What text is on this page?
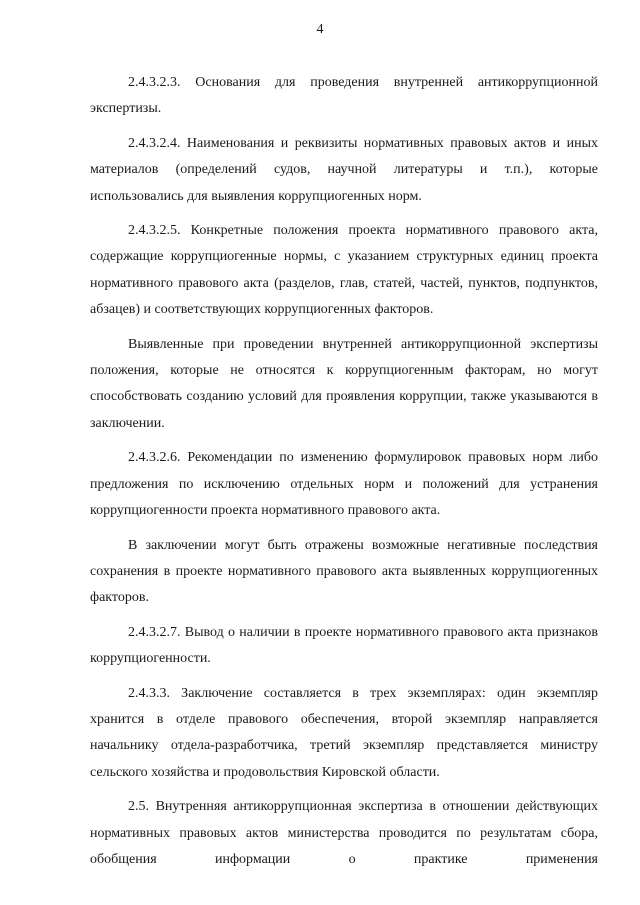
4

2.4.3.2.3. Основания для проведения внутренней антикоррупционной экспертизы.

2.4.3.2.4. Наименования и реквизиты нормативных правовых актов и иных материалов (определений судов, научной литературы и т.п.), которые использовались для выявления коррупциогенных норм.

2.4.3.2.5. Конкретные положения проекта нормативного правового акта, содержащие коррупциогенные нормы, с указанием структурных единиц проекта нормативного правового акта (разделов, глав, статей, частей, пунктов, подпунктов, абзацев) и соответствующих коррупциогенных факторов.

Выявленные при проведении внутренней антикоррупционной экспертизы положения, которые не относятся к коррупциогенным факторам, но могут способствовать созданию условий для проявления коррупции, также указываются в заключении.

2.4.3.2.6. Рекомендации по изменению формулировок правовых норм либо предложения по исключению отдельных норм и положений для устранения коррупциогенности проекта нормативного правового акта.

В заключении могут быть отражены возможные негативные последствия сохранения в проекте нормативного правового акта выявленных коррупциогенных факторов.

2.4.3.2.7. Вывод о наличии в проекте нормативного правового акта признаков коррупциогенности.

2.4.3.3. Заключение составляется в трех экземплярах: один экземпляр хранится в отделе правового обеспечения, второй экземпляр направляется начальнику отдела-разработчика, третий экземпляр представляется министру сельского хозяйства и продовольствия Кировской области.

2.5. Внутренняя антикоррупционная экспертиза в отношении действующих нормативных правовых актов министерства проводится по результатам сбора, обобщения информации о практике применения
